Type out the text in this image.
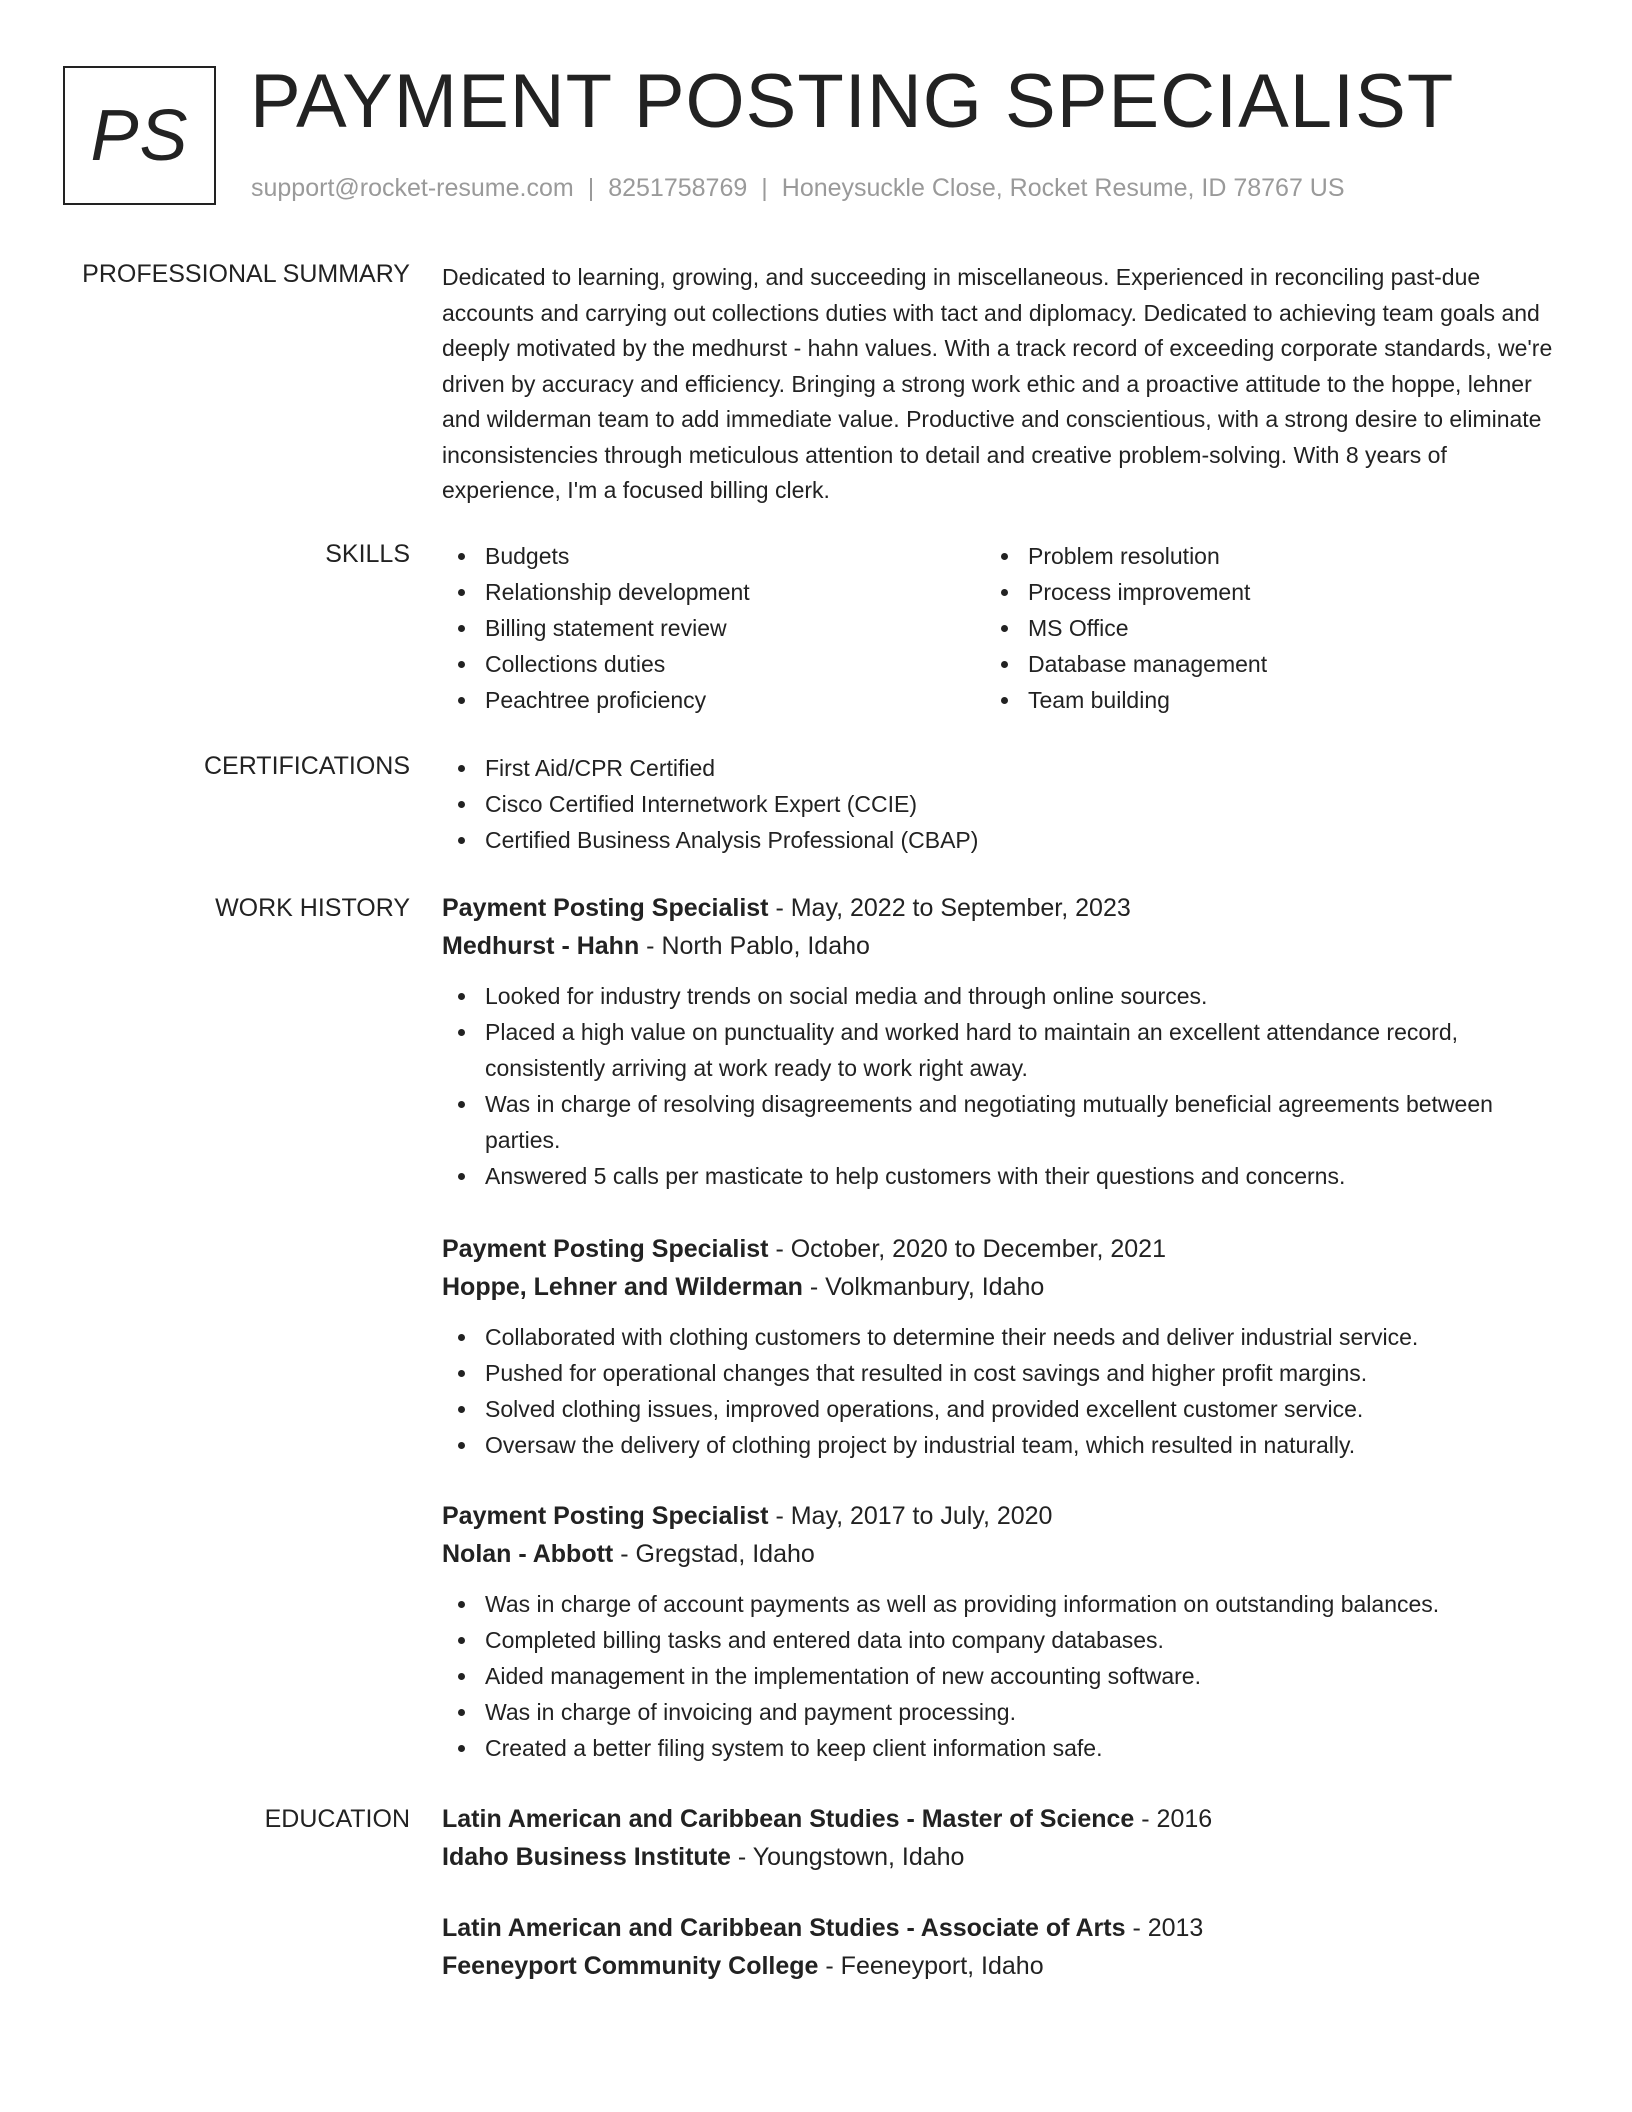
PS PAYMENT POSTING SPECIALIST
support@rocket-resume.com | 8251758769 | Honeysuckle Close, Rocket Resume, ID 78767 US
PROFESSIONAL SUMMARY Dedicated to learning, growing, and succeeding in miscellaneous. Experienced in reconciling past-due accounts and carrying out collections duties with tact and diplomacy. Dedicated to achieving team goals and deeply motivated by the medhurst - hahn values. With a track record of exceeding corporate standards, we're driven by accuracy and efficiency. Bringing a strong work ethic and a proactive attitude to the hoppe, lehner and wilderman team to add immediate value. Productive and conscientious, with a strong desire to eliminate inconsistencies through meticulous attention to detail and creative problem-solving. With 8 years of experience, I'm a focused billing clerk.

SKILLS	Budgets
Relationship development
Billing statement review
Collections duties
Peachtree proficiency
Problem resolution
Process improvement
MS Office
Database management
Team building
CERTIFICATIONS	First Aid/CPR Certified
Cisco Certified Internetwork Expert (CCIE)
Certified Business Analysis Professional (CBAP)
WORK HISTORY Payment Posting Specialist - May, 2022 to September, 2023
Medhurst - Hahn - North Pablo, Idaho
Looked for industry trends on social media and through online sources.
Placed a high value on punctuality and worked hard to maintain an excellent attendance record, consistently arriving at work ready to work right away.
Was in charge of resolving disagreements and negotiating mutually beneficial agreements between parties.
Answered 5 calls per masticate to help customers with their questions and concerns.
Payment Posting Specialist - October, 2020 to December, 2021
Hoppe, Lehner and Wilderman - Volkmanbury, Idaho
Collaborated with clothing customers to determine their needs and deliver industrial service.
Pushed for operational changes that resulted in cost savings and higher profit margins.
Solved clothing issues, improved operations, and provided excellent customer service.
Oversaw the delivery of clothing project by industrial team, which resulted in naturally.
Payment Posting Specialist - May, 2017 to July, 2020
Nolan - Abbott - Gregstad, Idaho
Was in charge of account payments as well as providing information on outstanding balances.
Completed billing tasks and entered data into company databases.
Aided management in the implementation of new accounting software.
Was in charge of invoicing and payment processing.
Created a better filing system to keep client information safe.
EDUCATION Latin American and Caribbean Studies - Master of Science - 2016
Idaho Business Institute - Youngstown, Idaho
Latin American and Caribbean Studies - Associate of Arts - 2013
Feeneyport Community College - Feeneyport, Idaho
